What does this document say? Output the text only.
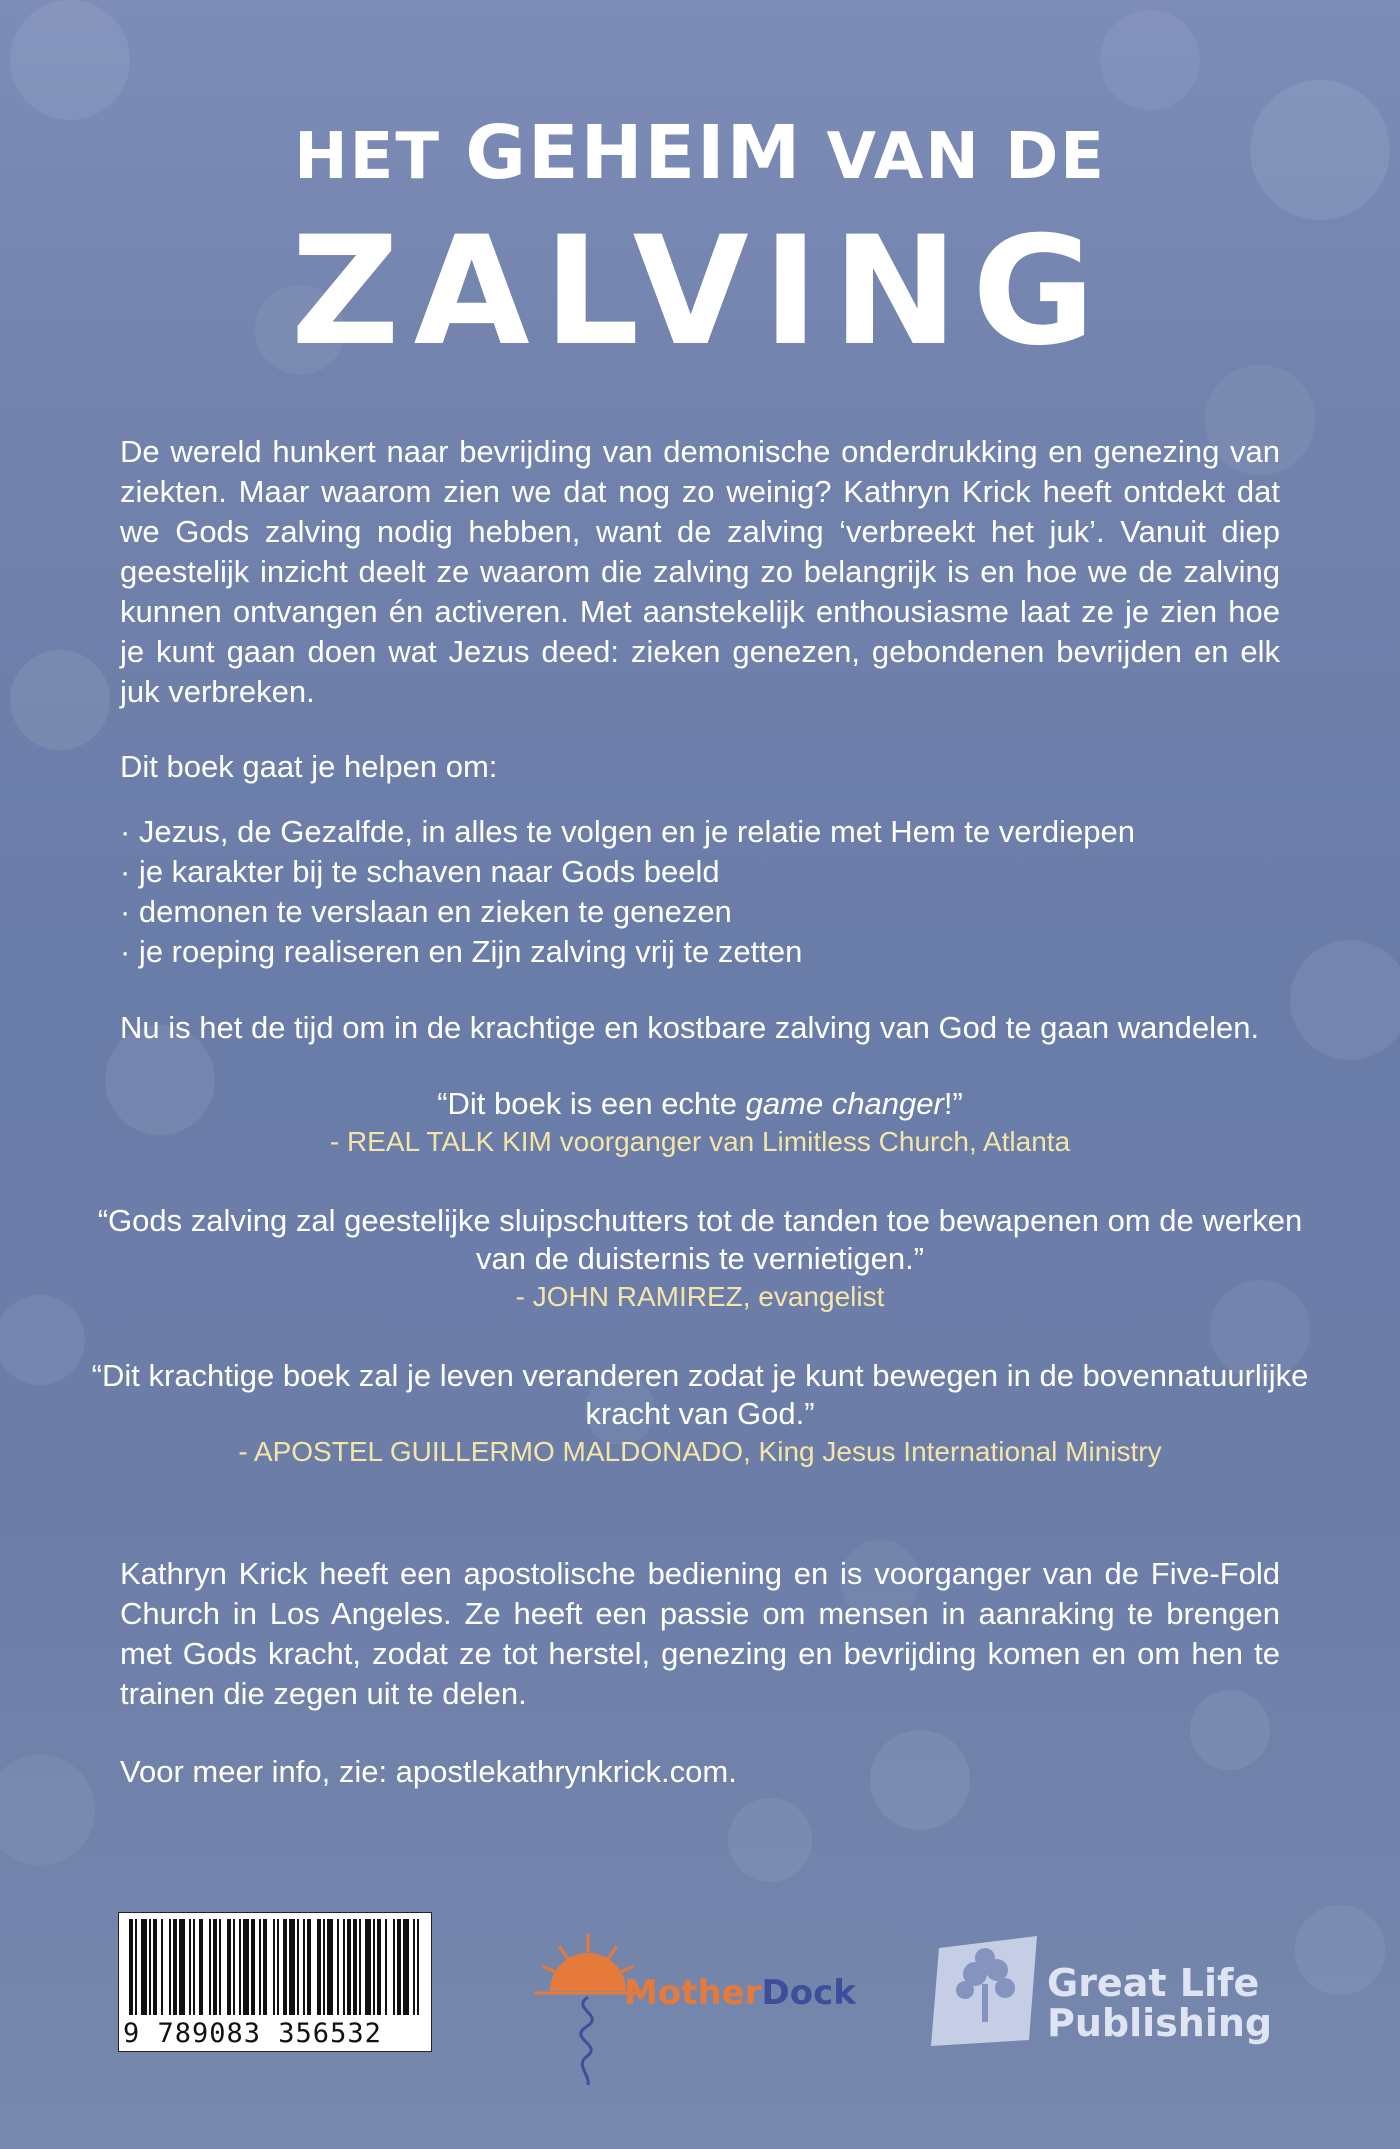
HET GEHEIM VAN DE
ZALVING
De wereld hunkert naar bevrijding van demonische onderdrukking en genezing van ziekten. Maar waarom zien we dat nog zo weinig? Kathryn Krick heeft ontdekt dat we Gods zalving nodig hebben, want de zalving ‘verbreekt het juk’. Vanuit diep geestelijk inzicht deelt ze waarom die zalving zo belangrijk is en hoe we de zalving kunnen ontvangen én activeren. Met aanstekelijk enthousiasme laat ze je zien hoe je kunt gaan doen wat Jezus deed: zieken genezen, gebondenen bevrijden en elk juk verbreken.
Dit boek gaat je helpen om:
· Jezus, de Gezalfde, in alles te volgen en je relatie met Hem te verdiepen
· je karakter bij te schaven naar Gods beeld
· demonen te verslaan en zieken te genezen
· je roeping realiseren en Zijn zalving vrij te zetten
Nu is het de tijd om in de krachtige en kostbare zalving van God te gaan wandelen.
“Dit boek is een echte game changer!”
- REAL TALK KIM voorganger van Limitless Church, Atlanta
“Gods zalving zal geestelijke sluipschutters tot de tanden toe bewapenen om de werken van de duisternis te vernietigen.”
- JOHN RAMIREZ, evangelist
“Dit krachtige boek zal je leven veranderen zodat je kunt bewegen in de bovennatuurlijke kracht van God.”
- APOSTEL GUILLERMO MALDONADO, King Jesus International Ministry
Kathryn Krick heeft een apostolische bediening en is voorganger van de Five-Fold Church in Los Angeles. Ze heeft een passie om mensen in aanraking te brengen met Gods kracht, zodat ze tot herstel, genezing en bevrijding komen en om hen te trainen die zegen uit te delen.
Voor meer info, zie: apostlekathrynkrick.com.
9 789083 356532
MotherDock	Great Life
Publishing
